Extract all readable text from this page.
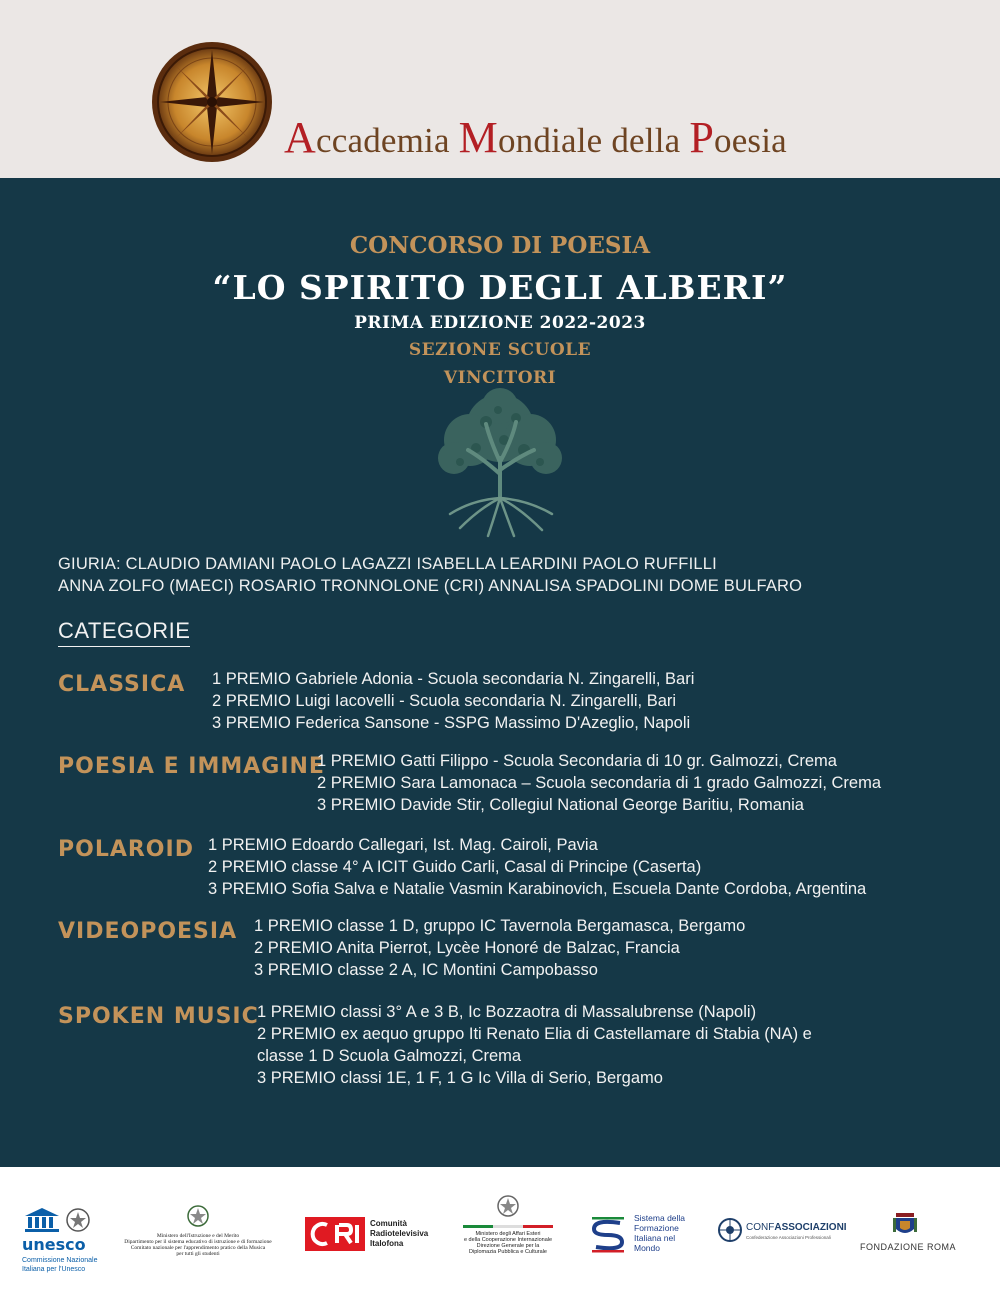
Accademia Mondiale della Poesia
CONCORSO DI POESIA
“LO SPIRITO DEGLI ALBERI”
PRIMA EDIZIONE 2022-2023
SEZIONE SCUOLE
VINCITORI
GIURIA: CLAUDIO DAMIANI PAOLO LAGAZZI ISABELLA LEARDINI PAOLO RUFFILLI
ANNA ZOLFO (MAECI) ROSARIO TRONNOLONE (CRI) ANNALISA SPADOLINI DOME BULFARO
CATEGORIE
CLASSICA 1 PREMIO Gabriele Adonia - Scuola secondaria N. Zingarelli, Bari
2 PREMIO Luigi Iacovelli - Scuola secondaria N. Zingarelli, Bari
3 PREMIO Federica Sansone - SSPG Massimo D'Azeglio, Napoli
POESIA E IMMAGINE
1 PREMIO Gatti Filippo - Scuola Secondaria di 10 gr. Galmozzi, Crema
2 PREMIO Sara Lamonaca – Scuola secondaria di 1 grado Galmozzi, Crema
3 PREMIO Davide Stir, Collegiul National George Baritiu, Romania
POLAROID 1 PREMIO Edoardo Callegari, Ist. Mag. Cairoli, Pavia
2 PREMIO classe 4° A ICIT Guido Carli, Casal di Principe (Caserta)
3 PREMIO Sofia Salva e Natalie Vasmin Karabinovich, Escuela Dante Cordoba, Argentina
VIDEOPOESIA 1 PREMIO classe 1 D, gruppo IC Tavernola Bergamasca, Bergamo
2 PREMIO Anita Pierrot, Lycèe Honoré de Balzac, Francia
3 PREMIO classe 2 A, IC Montini Campobasso
SPOKEN MUSIC
1 PREMIO classi 3° A e 3 B, Ic Bozzaotra di Massalubrense (Napoli)
2 PREMIO ex aequo gruppo Iti Renato Elia di Castellamare di Stabia (NA) e
classe 1 D Scuola Galmozzi, Crema
3 PREMIO classi 1E, 1 F, 1 G Ic Villa di Serio, Bergamo
unesco
Commissione Nazionale
Italiana per l'Unesco
Ministero dell'Istruzione e del Merito
Dipartimento per il sistema educativo di istruzione e di formazione
Comitato nazionale per l'apprendimento pratico della Musica
per tutti gli studenti
Comunità
Radiotelevisiva
Italofona
Ministero degli Affari Esteri
e della Cooperazione Internazionale
Direzione Generale per la
Diplomazia Pubblica e Culturale
Sistema della
Formazione
Italiana nel
Mondo
CONFASSOCIAZIONI
Confederazione Associazioni Professionali
FONDAZIONE ROMA
